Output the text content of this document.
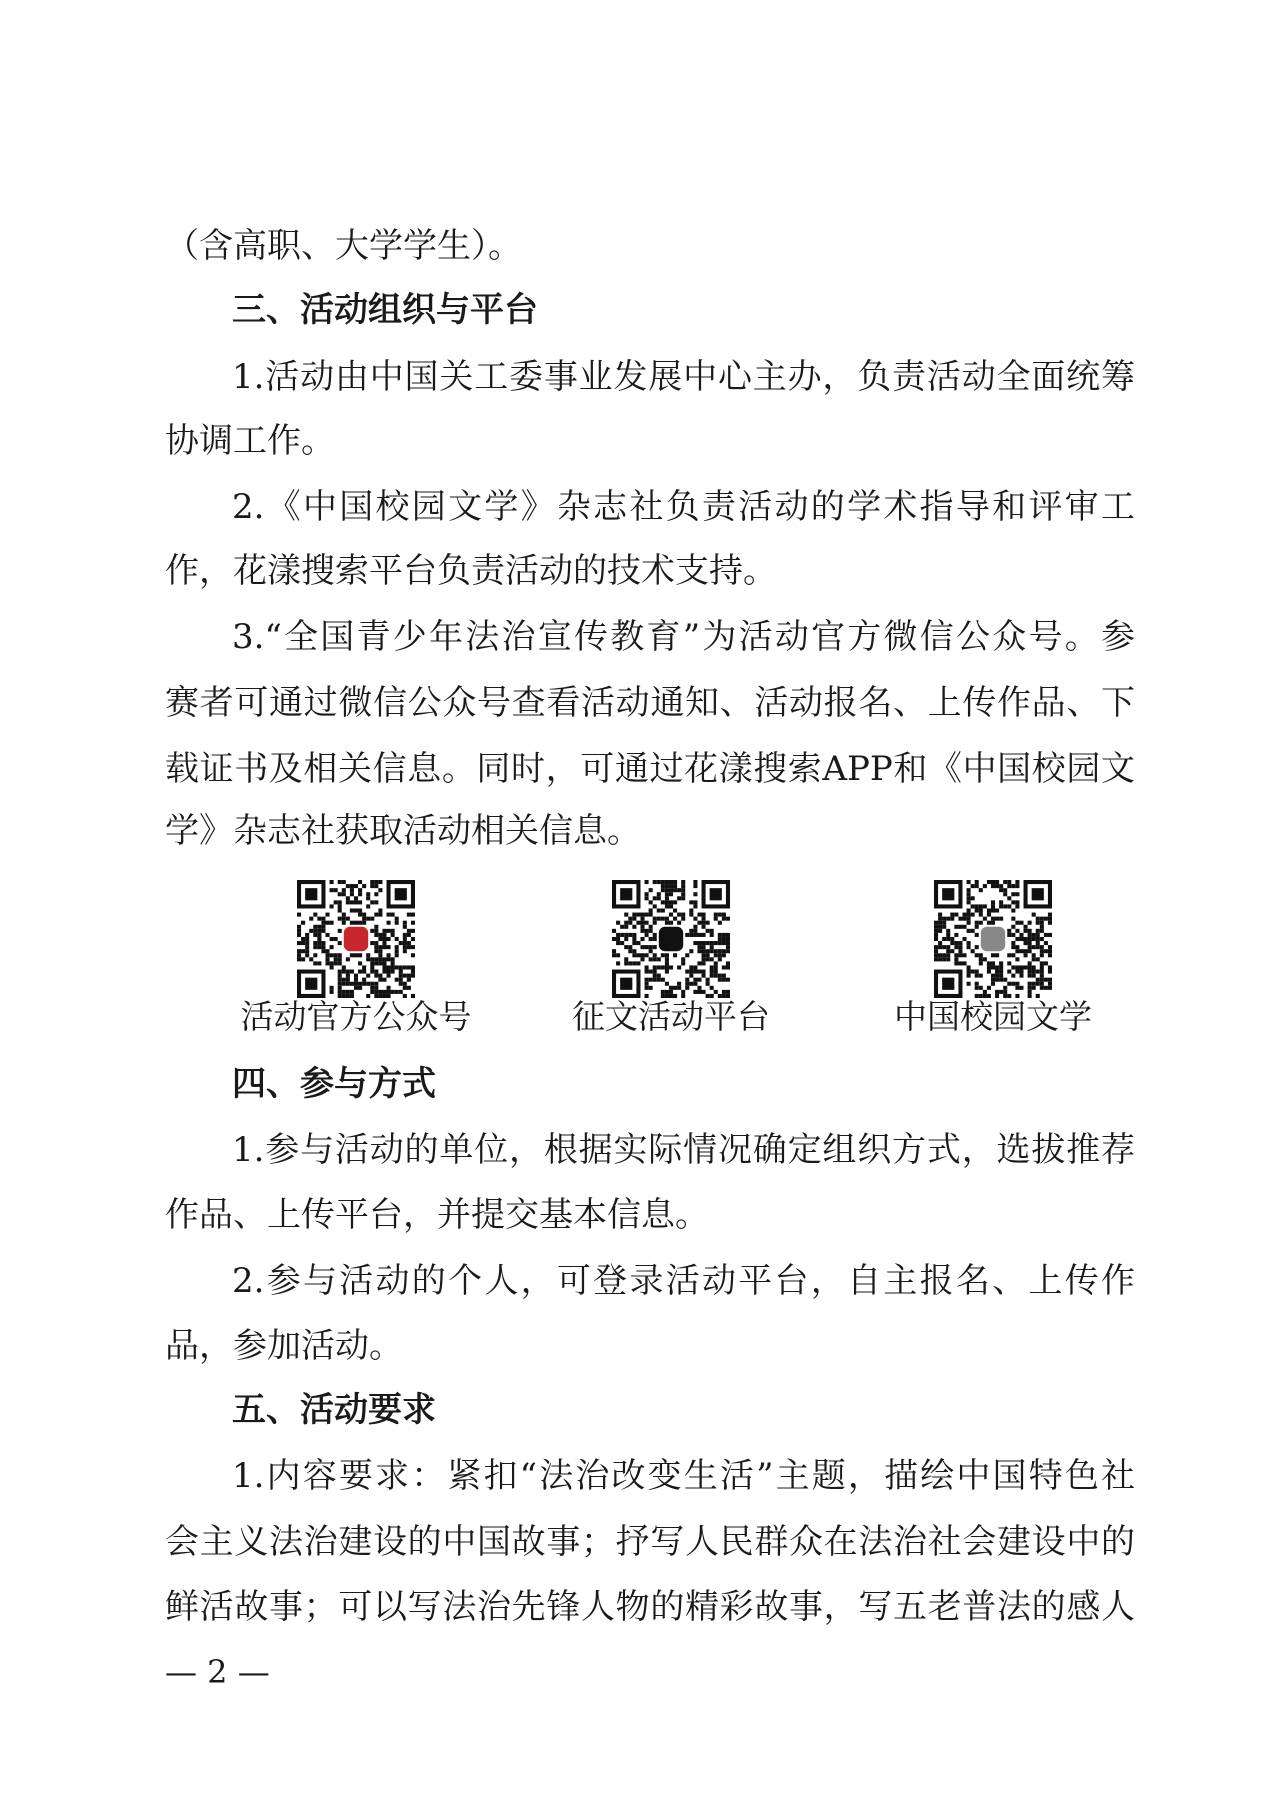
（含高职、大学学生）。
三、活动组织与平台
1.活动由中国关工委事业发展中心主办，负责活动全面统筹
协调工作。
2.《中国校园文学》杂志社负责活动的学术指导和评审工
作，花漾搜索平台负责活动的技术支持。
3.“全国青少年法治宣传教育”为活动官方微信公众号。参
赛者可通过微信公众号查看活动通知、活动报名、上传作品、下
载证书及相关信息。同时，可通过花漾搜索APP和《中国校园文
学》杂志社获取活动相关信息。
活动官方公众号	征文活动平台	中国校园文学
四、参与方式
1.参与活动的单位，根据实际情况确定组织方式，选拔推荐
作品、上传平台，并提交基本信息。
2.参与活动的个人，可登录活动平台，自主报名、上传作
品，参加活动。
五、活动要求
1.内容要求：紧扣“法治改变生活”主题，描绘中国特色社
会主义法治建设的中国故事；抒写人民群众在法治社会建设中的
鲜活故事；可以写法治先锋人物的精彩故事，写五老普法的感人
— 2 —
